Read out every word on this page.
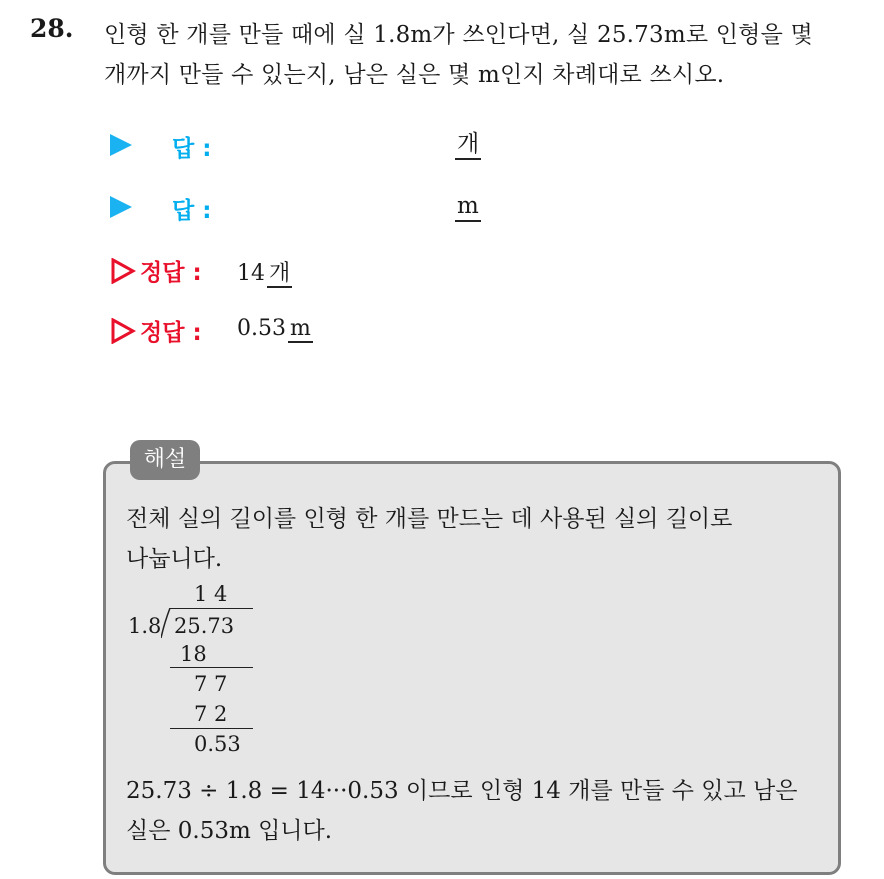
28. 인형 한 개를 만들 때에 실 1.8m가 쓰인다면, 실 25.73m로 인형을 몇
개까지 만들 수 있는지, 남은 실은 몇 m인지 차례대로 쓰시오.
답 :	개
답 :	m
정답 : 14 개
정답 : 0.53 m
해설
전체 실의 길이를 인형 한 개를 만드는 데 사용된 실의 길이로
나눕니다.
1 4
1.8 25.73
18
7 7
7 2
0.53
25.73 ÷ 1.8 = 14···0.53 이므로 인형 14 개를 만들 수 있고 남은
실은 0.53m 입니다.
